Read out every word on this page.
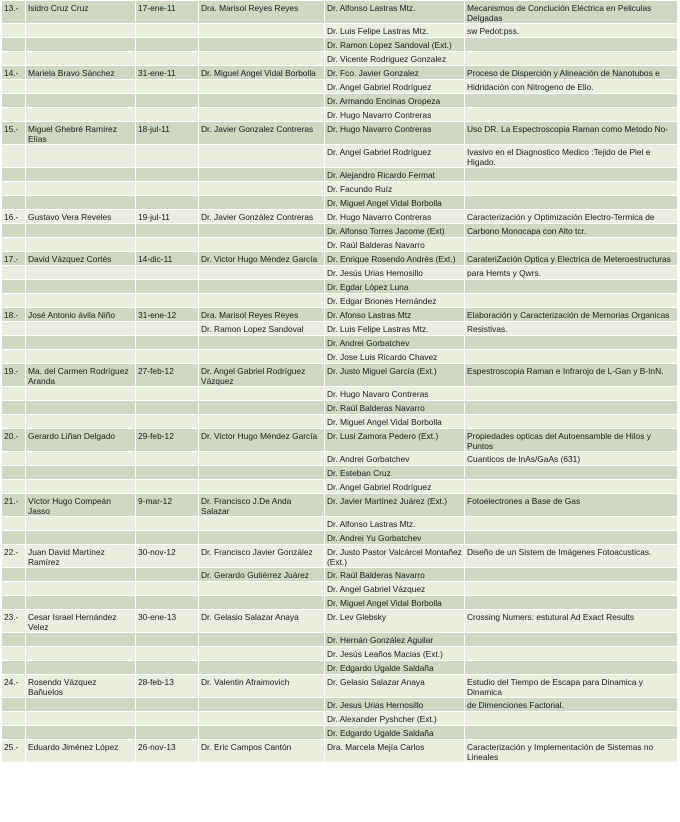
13.-	Isidro Cruz Cruz	17-ene-11	Dra. Marisol Reyes Reyes	Dr. Alfonso Lastras Mtz.	Mecanismos de Conclución Eléctrica en Peliculas Delgadas
				Dr. Luis Felipe Lastras Mtz.	sw Pedot:pss.
				Dr. Ramon Lopez Sandoval (Ext.)	
				Dr. Vicente Rodriguez Gonzalez	
14.-	Mariela Bravo Sánchez	31-ene-11	Dr. Miguel Angel Vidal Borbolla	Dr. Fco. Javier Gonzalez	Proceso de Disperción y Alineación de Nanotubos e
				Dr. Angel Gabriel Rodríguez	Hidridación con Nitrogeno de Elio.
				Dr. Armando Encinas Oropeza	
				Dr. Hugo Navarro Contreras	
15.-	Miguel Ghebré Ramírez Elías	18-jul-11	Dr. Javier Gonzalez Contreras	Dr. Hugo Navarro Contreras	Uso DR. La Espectroscopia Raman como Metodo No-
				Dr. Angel Gabriel Rodríguez	Ivasivo en el Diagnostico Medico :Tejido de Piel e Higado.
				Dr. Alejandro Ricardo Fermat	
				Dr. Facundo Ruíz	
				Dr. Miguel Angel Vidal Borbolla	
16.-	Gustavo Vera Reveles	19-jul-11	Dr. Javier González Contreras	Dr. Hugo Navarro Contreras	Caracterización y Optimización Electro-Termica de
				Dr. Alfonso Torres Jacome (Ext)	Carbono Monocapa con Alto tcr.
				Dr. Raúl Balderas Navarro	
17.-	David Vázquez Cortés	14-dic-11	Dr. Victor Hugo Méndez García	Dr. Enrique Rosendo Andrés (Ext.)	CarateriZación Optica y Electrica de Meteroestructuras
				Dr. Jesús Urias Hemosillo	para Hemts y Qwrs.
				Dr. Egdar López Luna	
				Dr. Edgar Briones Hernández	
18.-	José Antonio ávila Niño	31-ene-12	Dra. Marisol Reyes Reyes	Dr. Afonso Lastras Mtz	Elaboración y Caracterización de Memorias Organicas
			Dr. Ramon Lopez Sandoval	Dr. Luis Felipe Lastras Mtz.	Resistivas.
				Dr. Andrei Gorbatchev	
				Dr. Jose Luis Ricardo Chavez	
19.-	Ma. del Carmen Rodríguez Aranda	27-feb-12	Dr. Angel Gabriel Rodríguez Vázquez	Dr. Justo Miguel García (Ext.)	Espestroscopia Raman e Infrarojo de L-Gan y B-InN.
				Dr. Hugo Navaro Contreras	
				Dr. Raúl Balderas Navarro	
				Dr. Miguel Angel Vidal Borbolla	
20.-	Gerardo Liñan Delgado	29-feb-12	Dr. Victor Hugo Méndez García	Dr. Lusi Zamora Pedero (Ext.)	Propiedades opticas del Autoensamble de Hilos y Puntos
				Dr. Andrei Gorbatchev	Cuanticos de InAs/GaAs (631)
				Dr. Esteban Cruz	
				Dr. Angel Gabriel Rodríguez	
21.-	Víctor Hugo Compeán Jasso	9-mar-12	Dr. Francisco J.De Anda Salazar	Dr. Javier Martínez Juárez (Ext.)	Fotoelectrones a Base de Gas
				Dr. Alfonso Lastras Mtz.	
				Dr. Andrei Yu Gorbatchev	
22.-	Juan David Martínez Ramírez	30-nov-12	Dr. Francisco Javier González	Dr. Justo Pastor Valcárcel Montañez (Ext.)	Diseño de un Sistem de Imágenes Fotoacusticas.
			Dr. Gerardo Gutiérrez Juárez	Dr. Raúl Balderas Navarro	
				Dr. Angel Gabriel Vázquez	
				Dr. Miguel Angel Vidal Borbolla	
23.-	Cesar Israel Hernández Velez	30-ene-13	Dr. Gelasio Salazar Anaya	Dr. Lev Glebsky	Crossing Numers: estutural Ad Exact Results
				Dr. Hernán González Aguilar	
				Dr. Jesús Leaños Macias (Ext.)	
				Dr. Edgardo Ugalde Saldaña	
24.-	Rosendo Vázquez Bañuelos	28-feb-13	Dr. Valentin Afraimovich	Dr. Gelasio Salazar Anaya	Estudio del Tiempo de Escapa para Dinamica y Dinamica
				Dr. Jesus Urias Hernosillo	de Dimenciones Factorial.
				Dr. Alexander Pyshcher (Ext.)	
				Dr. Edgardo Ugalde Saldaña	
25.-	Eduardo Jiménez López	26-nov-13	Dr. Eric Campos Cantón	Dra. Marcela Mejía Carlos	Caracterización y Implementación de Sistemas no Lineales
